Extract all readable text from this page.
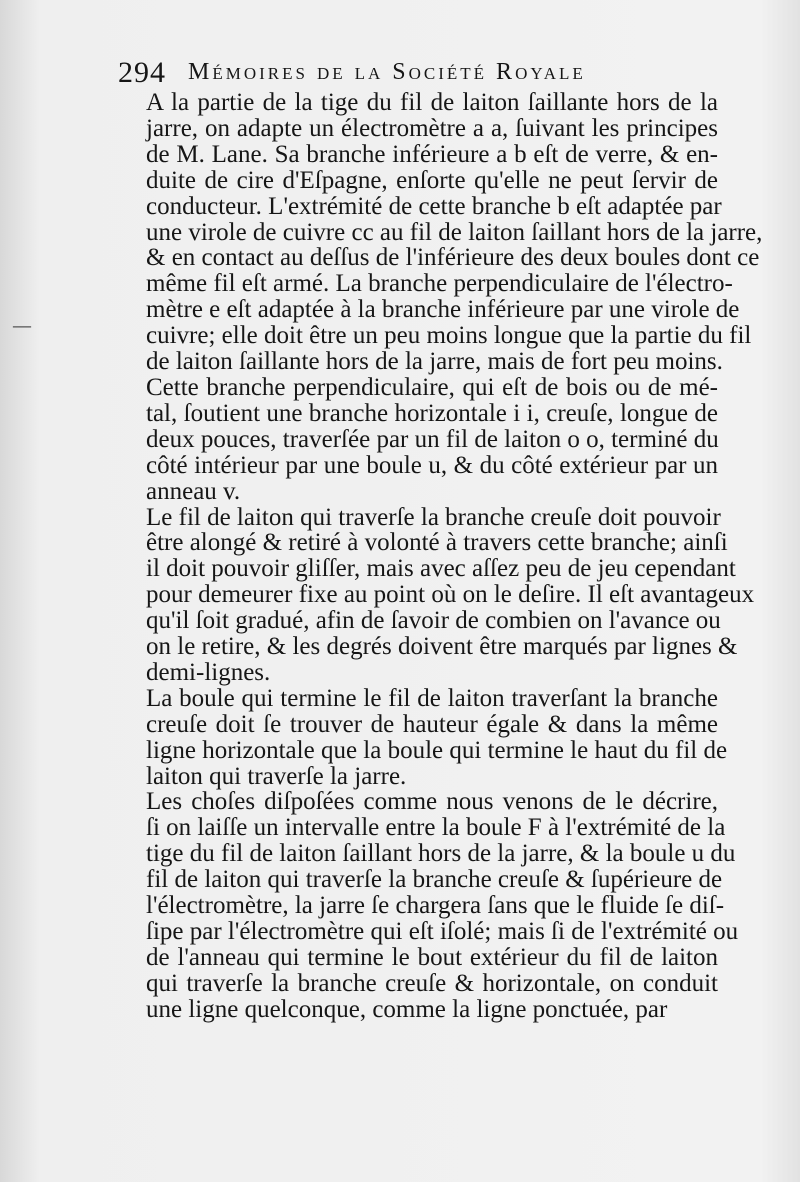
294 Mémoires de la Société Royale
A la partie de la tige du fil de laiton ſaillante hors de la
jarre, on adapte un électromètre a a, ſuivant les principes
de M. Lane. Sa branche inférieure a b eſt de verre, & en-
duite de cire d'Eſpagne, enſorte qu'elle ne peut ſervir de
conducteur. L'extrémité de cette branche b eſt adaptée par
une virole de cuivre cc au fil de laiton ſaillant hors de la jarre,
& en contact au deſſus de l'inférieure des deux boules dont ce
même fil eſt armé. La branche perpendiculaire de l'électro-
mètre e eſt adaptée à la branche inférieure par une virole de
cuivre; elle doit être un peu moins longue que la partie du fil
de laiton ſaillante hors de la jarre, mais de fort peu moins.
Cette branche perpendiculaire, qui eſt de bois ou de mé-
tal, ſoutient une branche horizontale i i, creuſe, longue de
deux pouces, traverſée par un fil de laiton o o, terminé du
côté intérieur par une boule u, & du côté extérieur par un
anneau v.
Le fil de laiton qui traverſe la branche creuſe doit pouvoir
être alongé & retiré à volonté à travers cette branche; ainſi
il doit pouvoir gliſſer, mais avec aſſez peu de jeu cependant
pour demeurer fixe au point où on le deſire. Il eſt avantageux
qu'il ſoit gradué, afin de ſavoir de combien on l'avance ou
on le retire, & les degrés doivent être marqués par lignes &
demi-lignes.
La boule qui termine le fil de laiton traverſant la branche
creuſe doit ſe trouver de hauteur égale & dans la même
ligne horizontale que la boule qui termine le haut du fil de
laiton qui traverſe la jarre.
Les choſes diſpoſées comme nous venons de le décrire,
ſi on laiſſe un intervalle entre la boule F à l'extrémité de la
tige du fil de laiton ſaillant hors de la jarre, & la boule u du
fil de laiton qui traverſe la branche creuſe & ſupérieure de
l'électromètre, la jarre ſe chargera ſans que le fluide ſe diſ-
ſipe par l'électromètre qui eſt iſolé; mais ſi de l'extrémité ou
de l'anneau qui termine le bout extérieur du fil de laiton
qui traverſe la branche creuſe & horizontale, on conduit
une ligne quelconque, comme la ligne ponctuée, par
—
